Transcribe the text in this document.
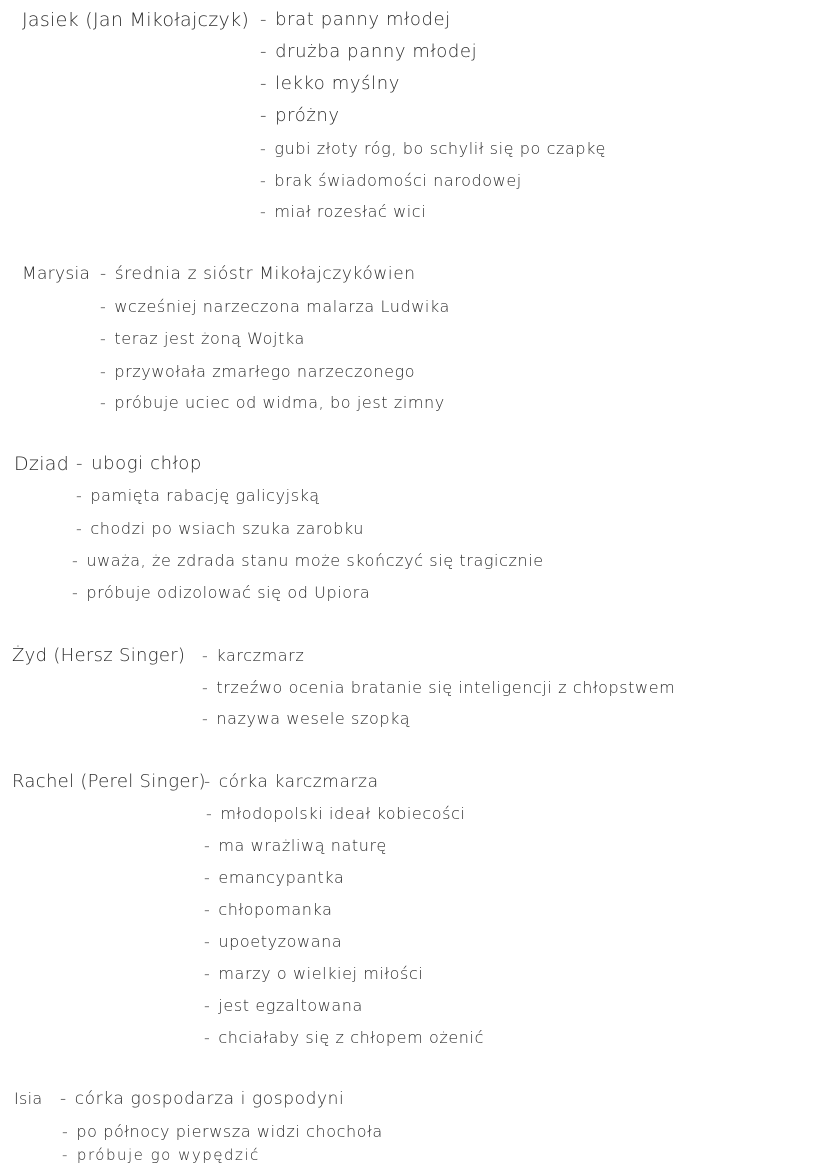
Jasiek (Jan Mikołajczyk) - brat panny młodej
- drużba panny młodej
- lekko myślny
- próżny
- gubi złoty róg, bo schylił się po czapkę
- brak świadomości narodowej
- miał rozesłać wici
Marysia - średnia z sióstr Mikołajczykówien
- wcześniej narzeczona malarza Ludwika
- teraz jest żoną Wojtka
- przywołała zmarłego narzeczonego
- próbuje uciec od widma, bo jest zimny
Dziad - ubogi chłop
- pamięta rabację galicyjską
- chodzi po wsiach szuka zarobku
- uważa, że zdrada stanu może skończyć się tragicznie
- próbuje odizolować się od Upiora
Żyd (Hersz Singer)	- karczmarz
- trzeźwo ocenia bratanie się inteligencji z chłopstwem
- nazywa wesele szopką
Rachel (Perel Singer)
- córka karczmarza
- młodopolski ideał kobiecości
- ma wrażliwą naturę
- emancypantka
- chłopomanka
- upoetyzowana
- marzy o wielkiej miłości
- jest egzaltowana
- chciałaby się z chłopem ożenić
Isia	- córka gospodarza i gospodyni
- po północy pierwsza widzi chochoła
- próbuje go wypędzić
